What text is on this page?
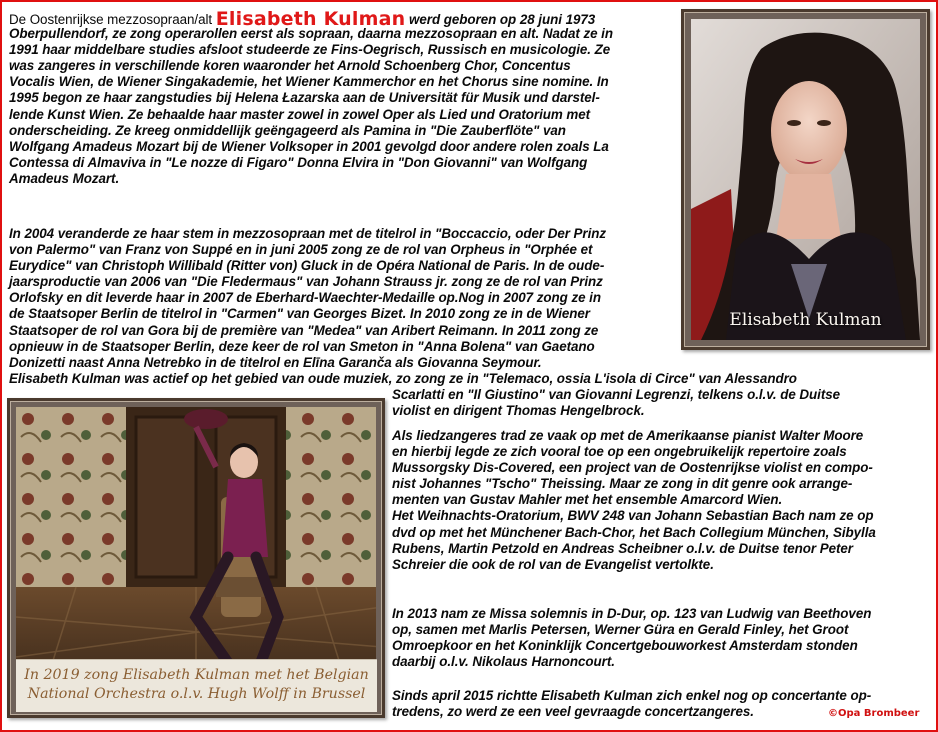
De Oostenrijkse mezzosopraan/alt Elisabeth Kulman werd geboren op 28 juni 1973
Oberpullendorf, ze zong operarollen eerst als sopraan, daarna mezzosopraan en alt. Nadat ze in
1991 haar middelbare studies afsloot studeerde ze Fins-Oegrisch, Russisch en musicologie. Ze
was zangeres in verschillende koren waaronder het Arnold Schoenberg Chor, Concentus
Vocalis Wien, de Wiener Singakademie, het Wiener Kammerchor en het Chorus sine nomine. In
1995 begon ze haar zangstudies bij Helena Łazarska aan de Universität für Musik und darstel-
lende Kunst Wien. Ze behaalde haar master zowel in zowel Oper als Lied und Oratorium met
onderscheiding. Ze kreeg onmiddellijk geëngageerd als Pamina in "Die Zauberflöte" van
Wolfgang Amadeus Mozart bij de Wiener Volksoper in 2001 gevolgd door andere rolen zoals La
Contessa di Almaviva in "Le nozze di Figaro" Donna Elvira in "Don Giovanni" van Wolfgang
Amadeus Mozart.
In 2004 veranderde ze haar stem in mezzosopraan met de titelrol in "Boccaccio, oder Der Prinz
von Palermo" van Franz von Suppé en in juni 2005 zong ze de rol van Orpheus in "Orphée et
Eurydice" van Christoph Willibald (Ritter von) Gluck in de Opéra National de Paris. In de oude-
jaarsproductie van 2006 van "Die Fledermaus" van Johann Strauss jr. zong ze de rol van Prinz
Orlofsky en dit leverde haar in 2007 de Eberhard-Waechter-Medaille op.Nog in 2007 zong ze in
de Staatsoper Berlin de titelrol in "Carmen" van Georges Bizet. In 2010 zong ze in de Wiener
Staatsoper de rol van Gora bij de première van "Medea" van Aribert Reimann. In 2011 zong ze
opnieuw in de Staatsoper Berlin, deze keer de rol van Smeton in "Anna Bolena" van Gaetano
Donizetti naast Anna Netrebko in de titelrol en Elīna Garanča als Giovanna Seymour.
Elisabeth Kulman was actief op het gebied van oude muziek, zo zong ze in "Telemaco, ossia L'isola di Circe" van Alessandro
Scarlatti en "Il Giustino" van Giovanni Legrenzi, telkens o.l.v. de Duitse
violist en dirigent Thomas Hengelbrock.
Als liedzangeres trad ze vaak op met de Amerikaanse pianist Walter Moore
en hierbij legde ze zich vooral toe op een ongebruikelijk repertoire zoals
Mussorgsky Dis-Covered, een project van de Oostenrijkse violist en compo-
nist Johannes "Tscho" Theissing. Maar ze zong in dit genre ook arrange-
menten van Gustav Mahler met het ensemble Amarcord Wien.
Het Weihnachts-Oratorium, BWV 248 van Johann Sebastian Bach nam ze op
dvd op met het Münchener Bach-Chor, het Bach Collegium München, Sibylla
Rubens, Martin Petzold en Andreas Scheibner o.l.v. de Duitse tenor Peter
Schreier die ook de rol van de Evangelist vertolkte.
In 2013 nam ze Missa solemnis in D-Dur, op. 123 van Ludwig van Beethoven
op, samen met Marlis Petersen, Werner Güra en Gerald Finley, het Groot
Omroepkoor en het Koninklijk Concertgebouworkest Amsterdam stonden
daarbij o.l.v. Nikolaus Harnoncourt.
Sinds april 2015 richtte Elisabeth Kulman zich enkel nog op concertante op-
tredens, zo werd ze een veel gevraagde concertzangeres.	©Opa Brombeer
Elisabeth Kulman
In 2019 zong Elisabeth Kulman met het Belgian
National Orchestra o.l.v. Hugh Wolff in Brussel
